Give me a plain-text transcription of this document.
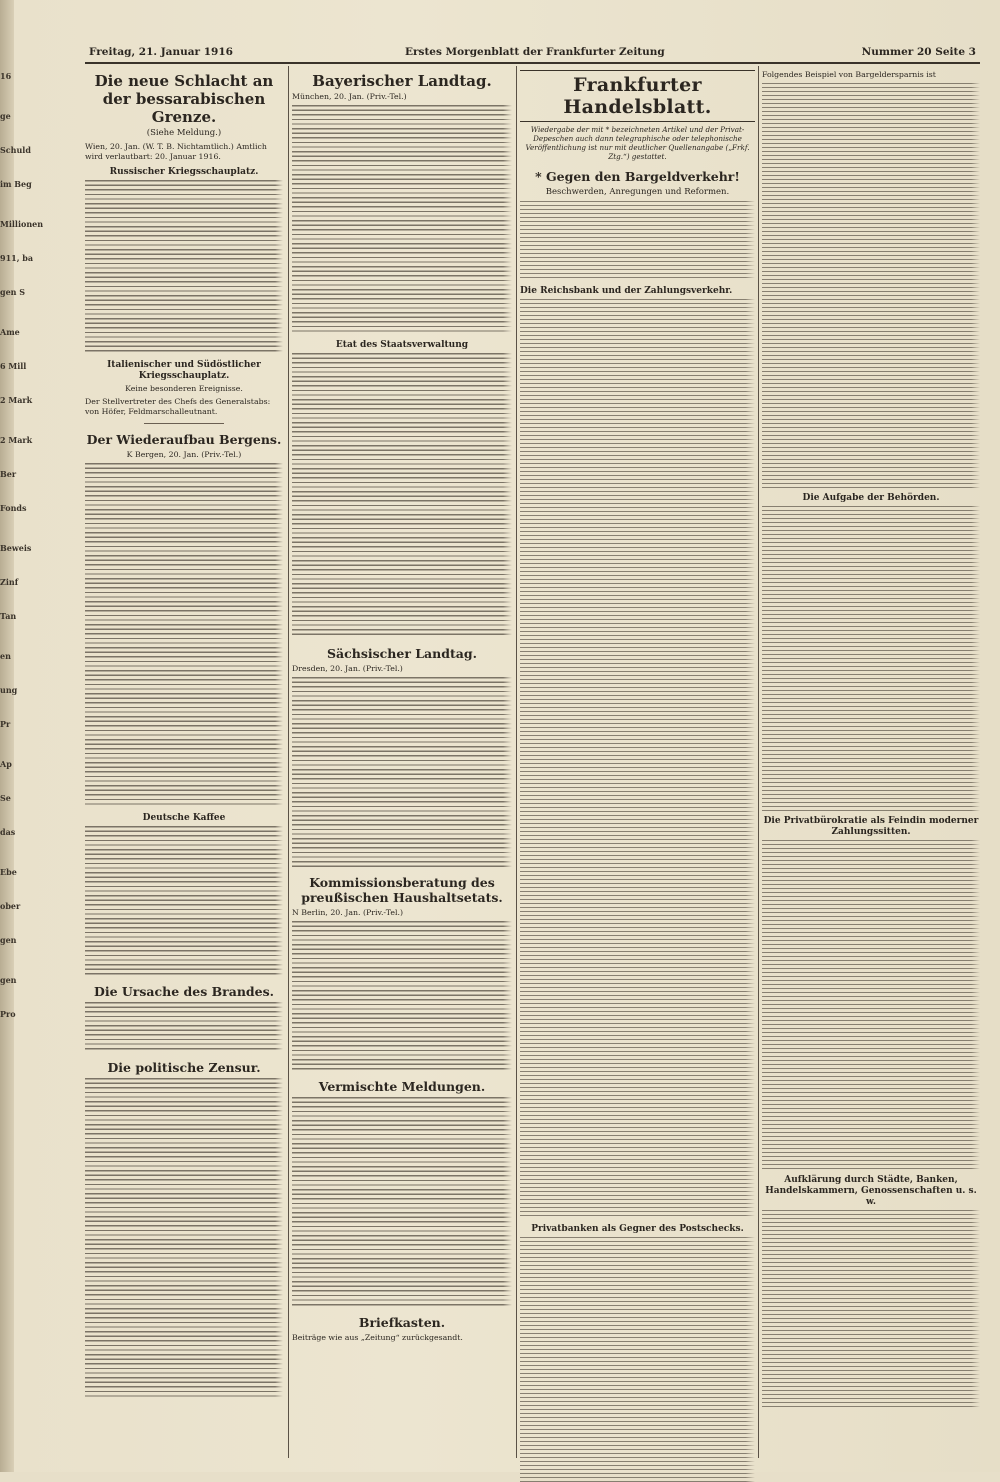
Freitag, 21. Januar 1916	Erstes Morgenblatt der Frankfurter Zeitung	Nummer 20 Seite 3
16
ge
Schuld
im Beg
Millionen
911, ba
gen S
Ame
6 Mill
2 Mark
2 Mark
Ber
Fonds
Beweis
Zinf
Tan
en
ung
Pr
Ap
Se
das
Ebe
ober
gen
gen
Pro
Die neue Schlacht an der bessarabischen Grenze.
(Siehe Meldung.)
Wien, 20. Jan. (W. T. B. Nichtamtlich.) Amtlich wird verlautbart: 20. Januar 1916.
Russischer Kriegsschauplatz.
Italienischer und Südöstlicher Kriegsschauplatz.
Keine besonderen Ereignisse.
Der Stellvertreter des Chefs des Generalstabs: von Höfer, Feldmarschalleutnant.
Der Wiederaufbau Bergens.
K Bergen, 20. Jan. (Priv.-Tel.)
Deutsche Kaffee
Die Ursache des Brandes.
Die politische Zensur.
Bayerischer Landtag.
München, 20. Jan. (Priv.-Tel.)
Etat des Staatsverwaltung
Sächsischer Landtag.
Dresden, 20. Jan. (Priv.-Tel.)
Kommissionsberatung des preußischen Haushaltsetats.
N Berlin, 20. Jan. (Priv.-Tel.)
Vermischte Meldungen.
Briefkasten.
Beiträge wie aus „Zeitung“ zurückgesandt.
Frankfurter Handelsblatt.
Wiedergabe der mit * bezeichneten Artikel und der Privat-Depeschen auch dann telegraphische oder telephonische Veröffentlichung ist nur mit deutlicher Quellenangabe („Frkf. Ztg.“) gestattet.
* Gegen den Bargeldverkehr!
Beschwerden, Anregungen und Reformen.
Die Reichsbank und der Zahlungsverkehr.
Privatbanken als Gegner des Postschecks.
Folgendes Beispiel von Bargeldersparnis ist
Die Aufgabe der Behörden.
Die Privatbürokratie als Feindin moderner Zahlungssitten.
Aufklärung durch Städte, Banken, Handelskammern, Genossenschaften u. s. w.
